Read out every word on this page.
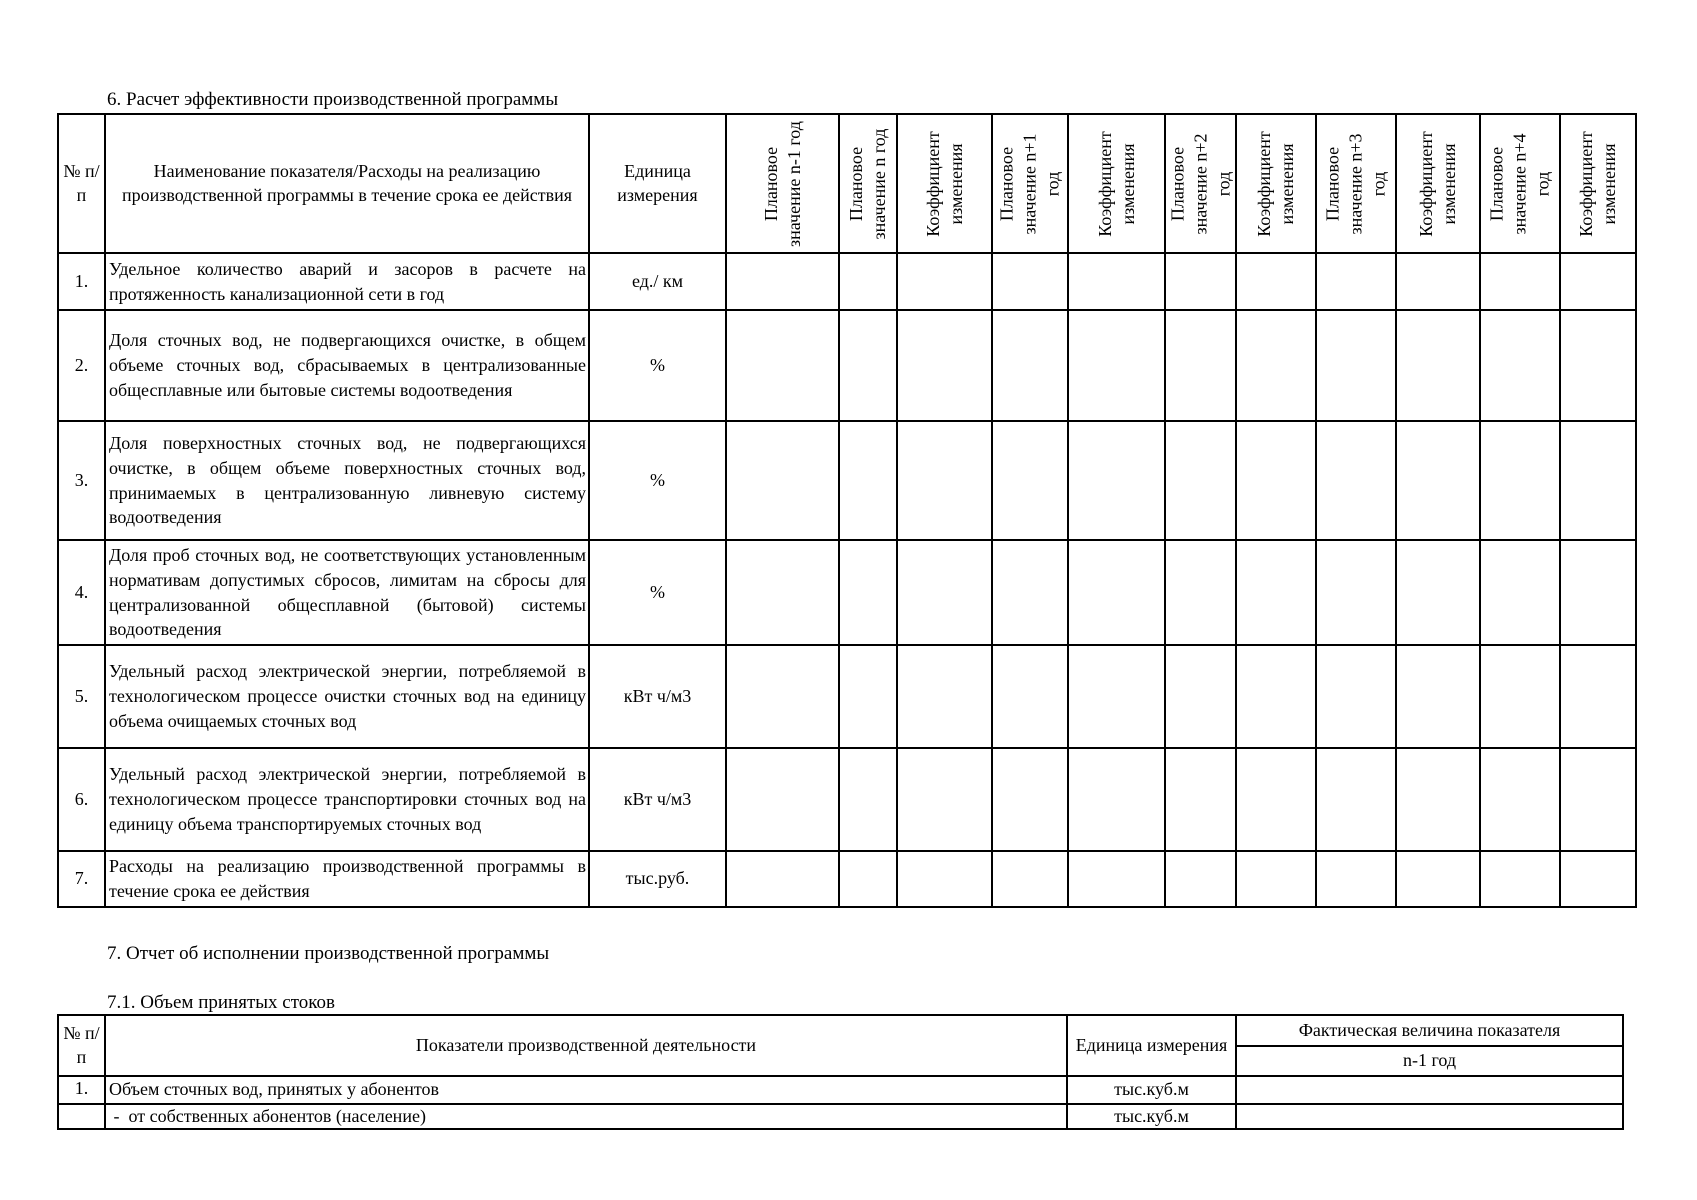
6. Расчет эффективности производственной программы
№ п/п	Наименование показателя/Расходы на реализацию производственной программы в течение срока ее действия	Единица измерения	Плановое значение n-1 год	Плановое значение n год	Коэффициент изменения	Плановое значение n+1 год	Коэффициент изменения	Плановое значение n+2 год	Коэффициент изменения	Плановое значение n+3 год	Коэффициент изменения	Плановое значение n+4 год	Коэффициент изменения

1.	Удельное количество аварий и засоров в расчете на протяженность канализационной сети в год	ед./ км											
2.	Доля сточных вод, не подвергающихся очистке, в общем объеме сточных вод, сбрасываемых в централизованные общесплавные или бытовые системы водоотведения	%											
3.	Доля поверхностных сточных вод, не подвергающихся очистке, в общем объеме поверхностных сточных вод, принимаемых в централизованную ливневую систему водоотведения	%											
4.	Доля проб сточных вод, не соответствующих установленным нормативам допустимых сбросов, лимитам на сбросы для централизованной общесплавной (бытовой) системы водоотведения	%											
5.	Удельный расход электрической энергии, потребляемой в технологическом процессе очистки сточных вод на единицу объема очищаемых сточных вод	кВт ч/м3											
6.	Удельный расход электрической энергии, потребляемой в технологическом процессе транспортировки сточных вод на единицу объема транспортируемых сточных вод	кВт ч/м3											
7.	Расходы на реализацию производственной программы в течение срока ее действия	тыс.руб.											
7. Отчет об исполнении производственной программы
7.1. Объем принятых стоков
№ п/п	Показатели производственной деятельности	Единица измерения	Фактическая величина показателя
			n-1 год
1.	Объем сточных вод, принятых у абонентов	тыс.куб.м	
	-  от собственных абонентов (население)	тыс.куб.м	
